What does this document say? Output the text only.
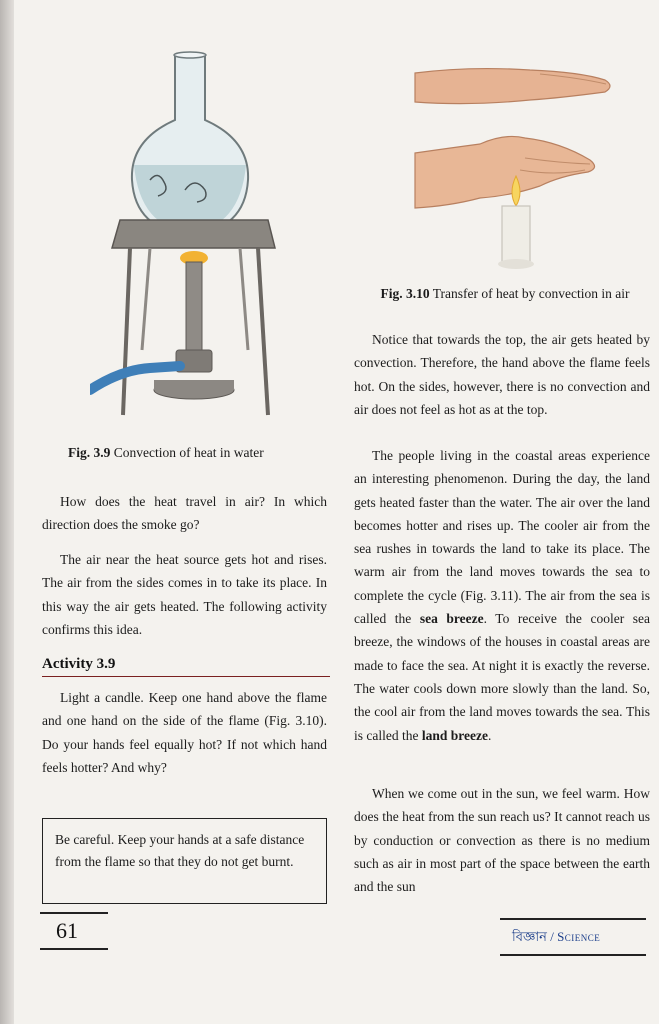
Fig. 3.9 Convection of heat in water
How does the heat travel in air? In which direction does the smoke go?
The air near the heat source gets hot and rises. The air from the sides comes in to take its place. In this way the air gets heated. The following activity confirms this idea.
Activity 3.9
Light a candle. Keep one hand above the flame and one hand on the side of the flame (Fig. 3.10). Do your hands feel equally hot? If not which hand feels hotter? And why?
Be careful. Keep your hands at a safe distance from the flame so that they do not get burnt.
61
Fig. 3.10 Transfer of heat by convection in air
Notice that towards the top, the air gets heated by convection. Therefore, the hand above the flame feels hot. On the sides, however, there is no convection and air does not feel as hot as at the top.
The people living in the coastal areas experience an interesting phenomenon. During the day, the land gets heated faster than the water. The air over the land becomes hotter and rises up. The cooler air from the sea rushes in towards the land to take its place. The warm air from the land moves towards the sea to complete the cycle (Fig. 3.11). The air from the sea is called the sea breeze. To receive the cooler sea breeze, the windows of the houses in coastal areas are made to face the sea. At night it is exactly the reverse. The water cools down more slowly than the land. So, the cool air from the land moves towards the sea. This is called the land breeze.
When we come out in the sun, we feel warm. How does the heat from the sun reach us? It cannot reach us by conduction or convection as there is no medium such as air in most part of the space between the earth and the sun
বিজ্ঞান / Science
